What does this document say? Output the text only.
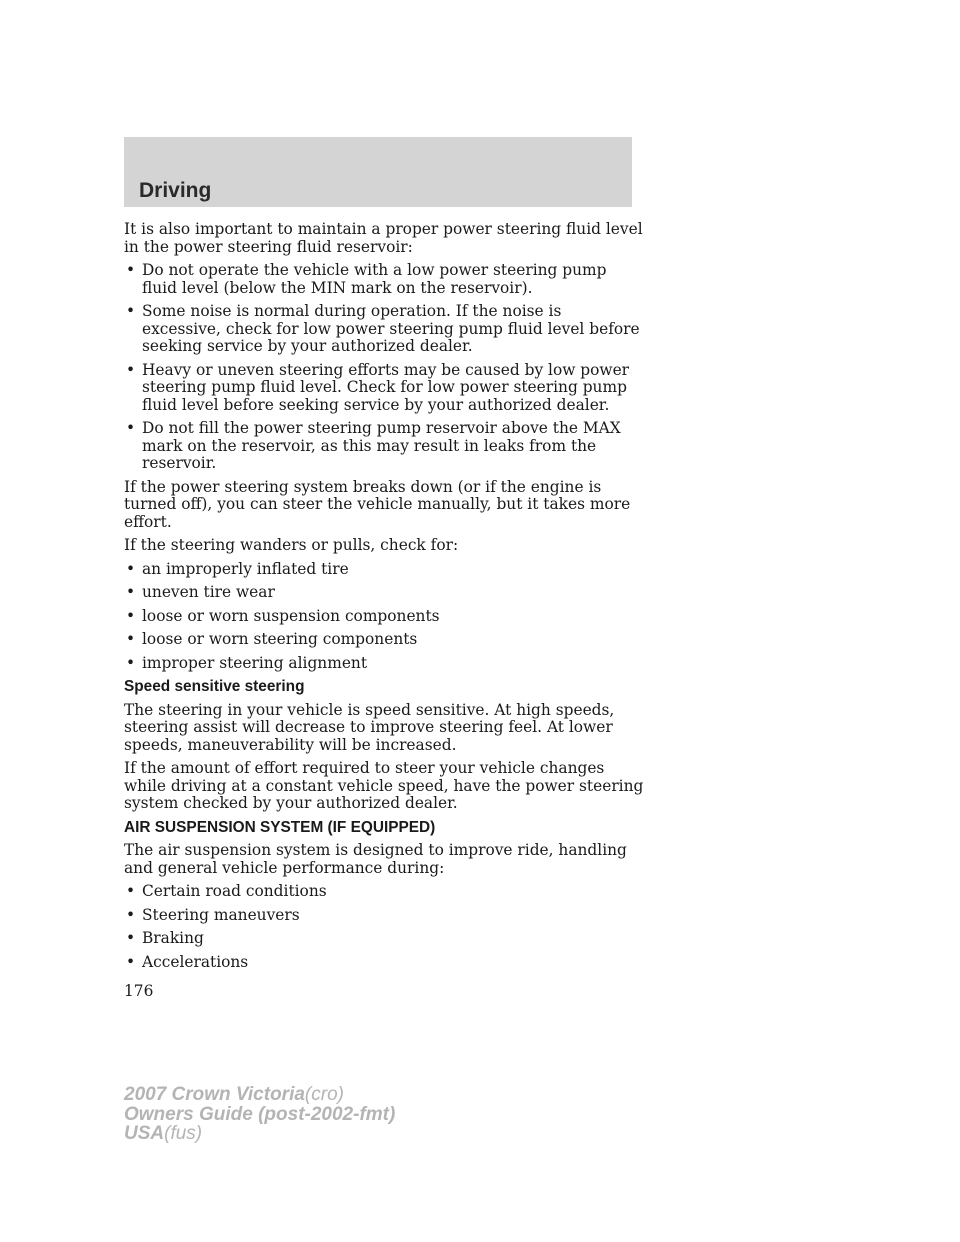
Driving

It is also important to maintain a proper power steering fluid level in the power steering fluid reservoir:

• Do not operate the vehicle with a low power steering pump fluid level (below the MIN mark on the reservoir).
• Some noise is normal during operation. If the noise is excessive, check for low power steering pump fluid level before seeking service by your authorized dealer.
• Heavy or uneven steering efforts may be caused by low power steering pump fluid level. Check for low power steering pump fluid level before seeking service by your authorized dealer.
• Do not fill the power steering pump reservoir above the MAX mark on the reservoir, as this may result in leaks from the reservoir.

If the power steering system breaks down (or if the engine is turned off), you can steer the vehicle manually, but it takes more effort.

If the steering wanders or pulls, check for:

• an improperly inflated tire
• uneven tire wear
• loose or worn suspension components
• loose or worn steering components
• improper steering alignment
Speed sensitive steering

The steering in your vehicle is speed sensitive. At high speeds, steering assist will decrease to improve steering feel. At lower speeds, maneuverability will be increased.

If the amount of effort required to steer your vehicle changes while driving at a constant vehicle speed, have the power steering system checked by your authorized dealer.

AIR SUSPENSION SYSTEM (IF EQUIPPED)

The air suspension system is designed to improve ride, handling and general vehicle performance during:

• Certain road conditions
• Steering maneuvers
• Braking
• Accelerations
176
2007 Crown Victoria(cro)
Owners Guide (post-2002-fmt)
USA(fus)
